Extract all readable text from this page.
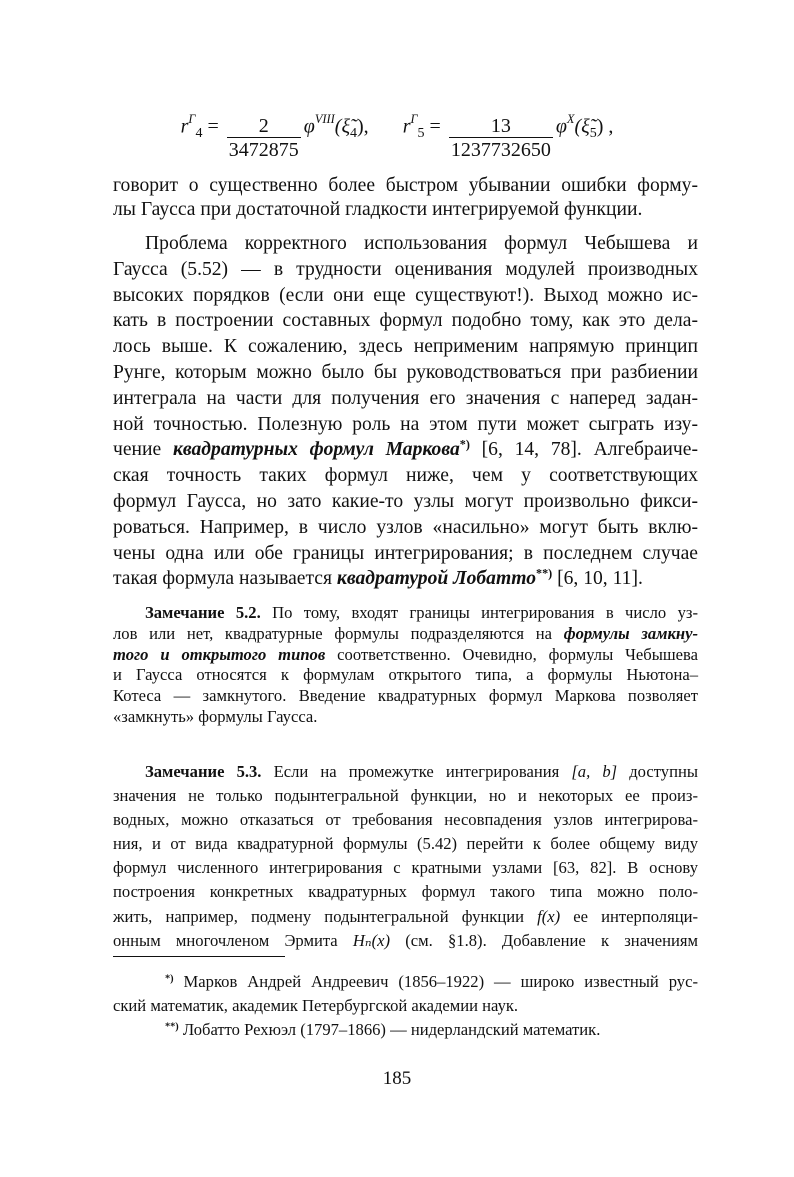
$r^Г_4 = \frac{2}{3472875}$ $\varphi^{VIII}(\xĩ_4)$, $r^Г_5 = \frac{13}{1237732650}$ $\varphi^X(\xĩ_5)$ ,
говорит о существенно более быстром убывании ошибки форму-
лы Гаусса при достаточной гладкости интегрируемой функции.
Проблема корректного использования формул Чебышева и
Гаусса (5.52) — в трудности оценивания модулей производных
высоких порядков (если они еще существуют!). Выход можно ис-
кать в построении составных формул подобно тому, как это дела-
лось выше. К сожалению, здесь неприменим напрямую принцип
Рунге, которым можно было бы руководствоваться при разбиении
интеграла на части для получения его значения с наперед задан-
ной точностью. Полезную роль на этом пути может сыграть изу-
чение квадратурных формул Маркова*) [6, 14, 78]. Алгебраиче-
ская точность таких формул ниже, чем у соответствующих
формул Гаусса, но зато какие-то узлы могут произвольно фикси-
роваться. Например, в число узлов «насильно» могут быть вклю-
чены одна или обе границы интегрирования; в последнем случае
такая формула называется квадратурой Лобатто**) [6, 10, 11].
Замечание 5.2. По тому, входят границы интегрирования в число уз-
лов или нет, квадратурные формулы подразделяются на формулы замкну-
того и открытого типов соответственно. Очевидно, формулы Чебышева
и Гаусса относятся к формулам открытого типа, а формулы Ньютона–
Котеса — замкнутого. Введение квадратурных формул Маркова позволяет
«замкнуть» формулы Гаусса.
Замечание 5.3. Если на промежутке интегрирования [a, b] доступны
значения не только подынтегральной функции, но и некоторых ее произ-
водных, можно отказаться от требования несовпадения узлов интегрирова-
ния, и от вида квадратурной формулы (5.42) перейти к более общему виду
формул численного интегрирования с кратными узлами [63, 82]. В основу
построения конкретных квадратурных формул такого типа можно поло-
жить, например, подмену подынтегральной функции f(x) ее интерполяци-
онным многочленом Эрмита Hₙ(x) (см. §1.8). Добавление к значениям
*) Марков Андрей Андреевич (1856–1922) — широко известный рус-
ский математик, академик Петербургской академии наук.
**) Лобатто Рехюэл (1797–1866) — нидерландский математик.
185
